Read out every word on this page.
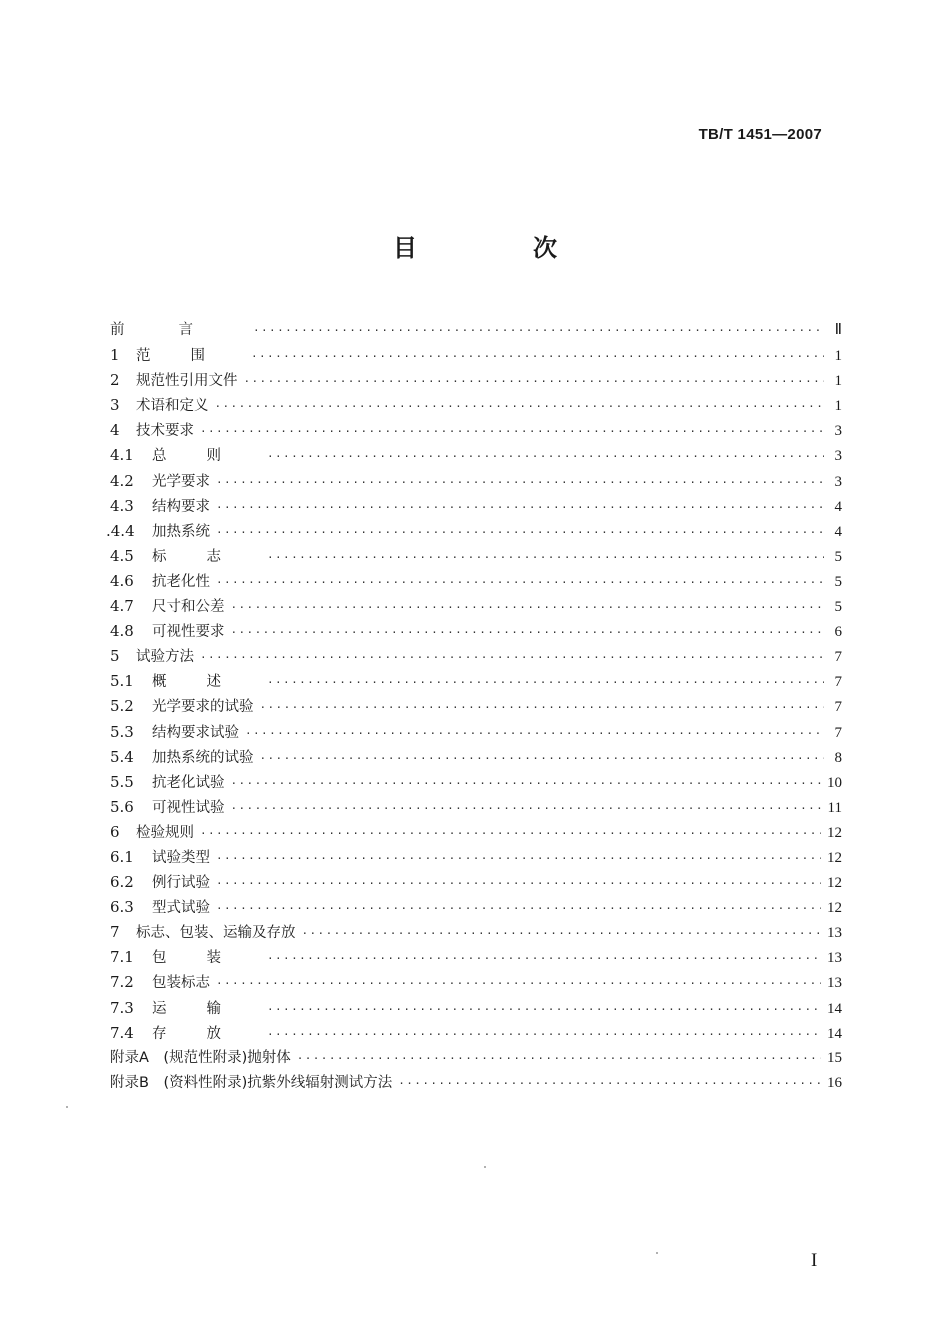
TB/T 1451—2007
目　次
前言 ·····	Ⅱ
1	范围 ·····	1
2	规范性引用文件 ·····	1
3	术语和定义 ·····	1
4	技术要求 ·····	3
4.1	总则 ·····	3
4.2	光学要求 ·····	3
4.3	结构要求 ·····	4
.4.4	加热系统 ·····	4
4.5	标志 ·····	5
4.6	抗老化性 ·····	5
4.7	尺寸和公差 ·····	5
4.8	可视性要求 ·····	6
5	试验方法 ·····	7
5.1	概述 ·····	7
5.2	光学要求的试验 ·····	7
5.3	结构要求试验 ·····	7
5.4	加热系统的试验 ·····	8
5.5	抗老化试验 ·····	10
5.6	可视性试验 ·····	11
6	检验规则 ·····	12
6.1	试验类型 ·····	12
6.2	例行试验 ·····	12
6.3	型式试验 ·····	12
7	标志、包装、运输及存放 ·····	13
7.1	包装 ·····	13
7.2	包装标志 ·····	13
7.3	运输 ·····	14
7.4	存放 ·····	14
附录A　(规范性附录)抛射体 ·····	15
附录B　(资料性附录)抗紫外线辐射测试方法 ·····	16
I
